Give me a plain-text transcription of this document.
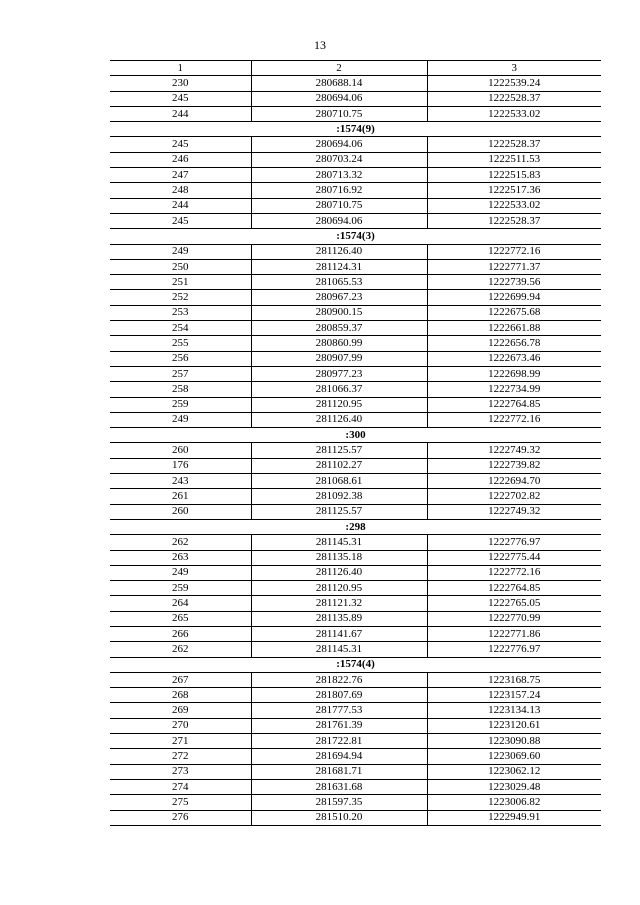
13
1	2	3
230	280688.14	1222539.24
245	280694.06	1222528.37
244	280710.75	1222533.02
:1574(9)		
245	280694.06	1222528.37
246	280703.24	1222511.53
247	280713.32	1222515.83
248	280716.92	1222517.36
244	280710.75	1222533.02
245	280694.06	1222528.37
:1574(3)		
249	281126.40	1222772.16
250	281124.31	1222771.37
251	281065.53	1222739.56
252	280967.23	1222699.94
253	280900.15	1222675.68
254	280859.37	1222661.88
255	280860.99	1222656.78
256	280907.99	1222673.46
257	280977.23	1222698.99
258	281066.37	1222734.99
259	281120.95	1222764.85
249	281126.40	1222772.16
:300		
260	281125.57	1222749.32
176	281102.27	1222739.82
243	281068.61	1222694.70
261	281092.38	1222702.82
260	281125.57	1222749.32
:298		
262	281145.31	1222776.97
263	281135.18	1222775.44
249	281126.40	1222772.16
259	281120.95	1222764.85
264	281121.32	1222765.05
265	281135.89	1222770.99
266	281141.67	1222771.86
262	281145.31	1222776.97
:1574(4)		
267	281822.76	1223168.75
268	281807.69	1223157.24
269	281777.53	1223134.13
270	281761.39	1223120.61
271	281722.81	1223090.88
272	281694.94	1223069.60
273	281681.71	1223062.12
274	281631.68	1223029.48
275	281597.35	1223006.82
276	281510.20	1222949.91
